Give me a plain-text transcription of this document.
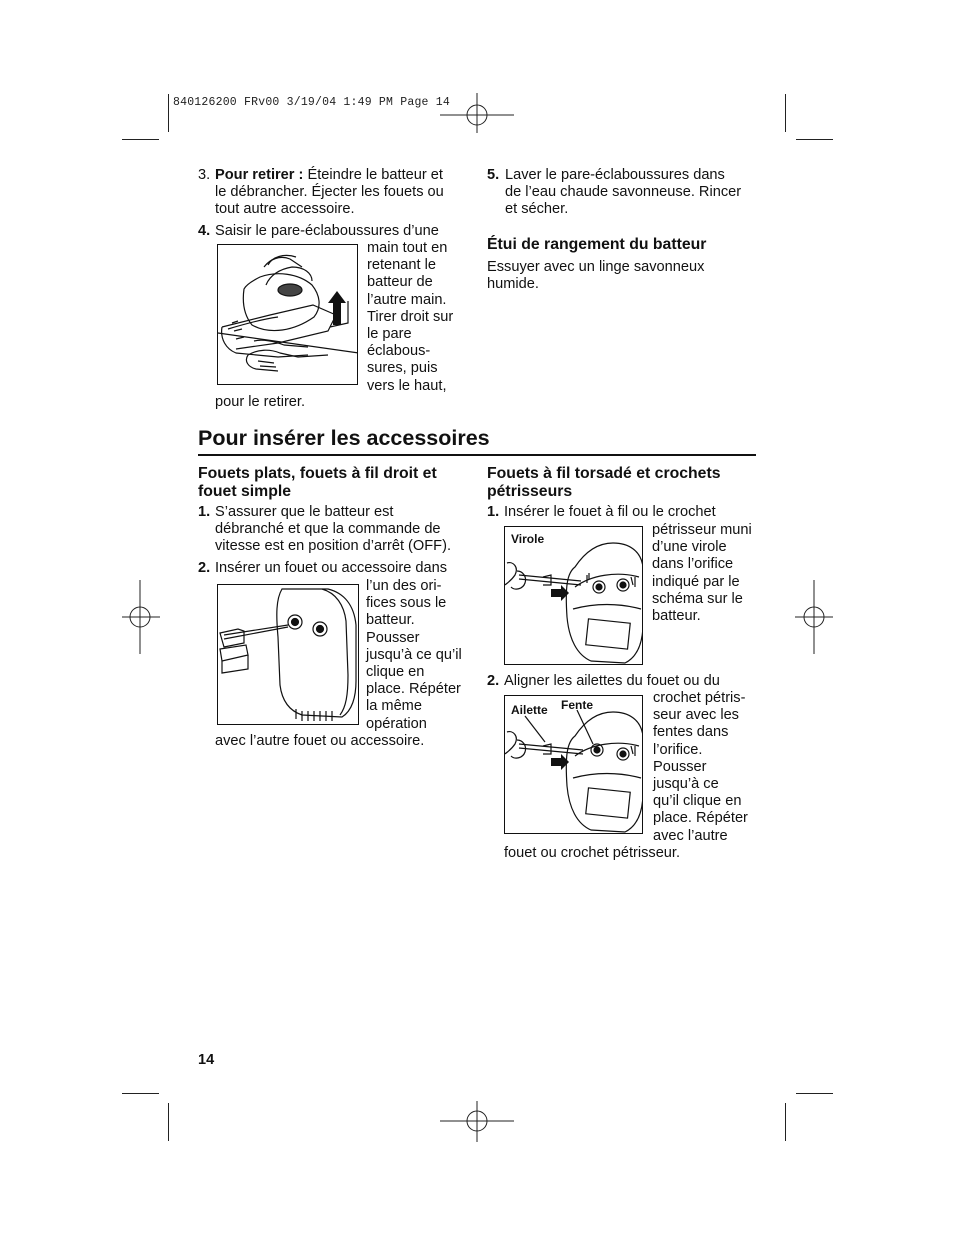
840126200 FRv00 3/19/04 1:49 PM Page 14
3. Pour retirer : Éteindre le batteur et
le débrancher. Éjecter les fouets ou
tout autre accessoire.
4. Saisir le pare-éclaboussures d’une
main tout en
retenant le
batteur de
l’autre main.
Tirer droit sur
le pare
éclabous-
sures, puis
vers le haut,
pour le retirer.
5. Laver le pare-éclaboussures dans
de l’eau chaude savonneuse. Rincer
et sécher.
Étui de rangement du batteur
Essuyer avec un linge savonneux
humide.
Pour insérer les accessoires
Fouets plats, fouets à fil droit et
fouet simple
1. S’assurer que le batteur est
débranché et que la commande de
vitesse est en position d’arrêt (OFF).
2. Insérer un fouet ou accessoire dans
l’un des ori-
fices sous le
batteur.
Pousser
jusqu’à ce qu’il
clique en
place. Répéter
la même
opération
avec l’autre fouet ou accessoire.
Fouets à fil torsadé et crochets
pétrisseurs
1. Insérer le fouet à fil ou le crochet
pétrisseur muni
d’une virole
dans l’orifice
indiqué par le
schéma sur le
batteur.
Virole
2. Aligner les ailettes du fouet ou du
crochet pétris-
seur avec les
fentes dans
l’orifice.
Pousser
jusqu’à ce
qu’il clique en
place. Répéter
avec l’autre
fouet ou crochet pétrisseur.
Ailette Fente
14
